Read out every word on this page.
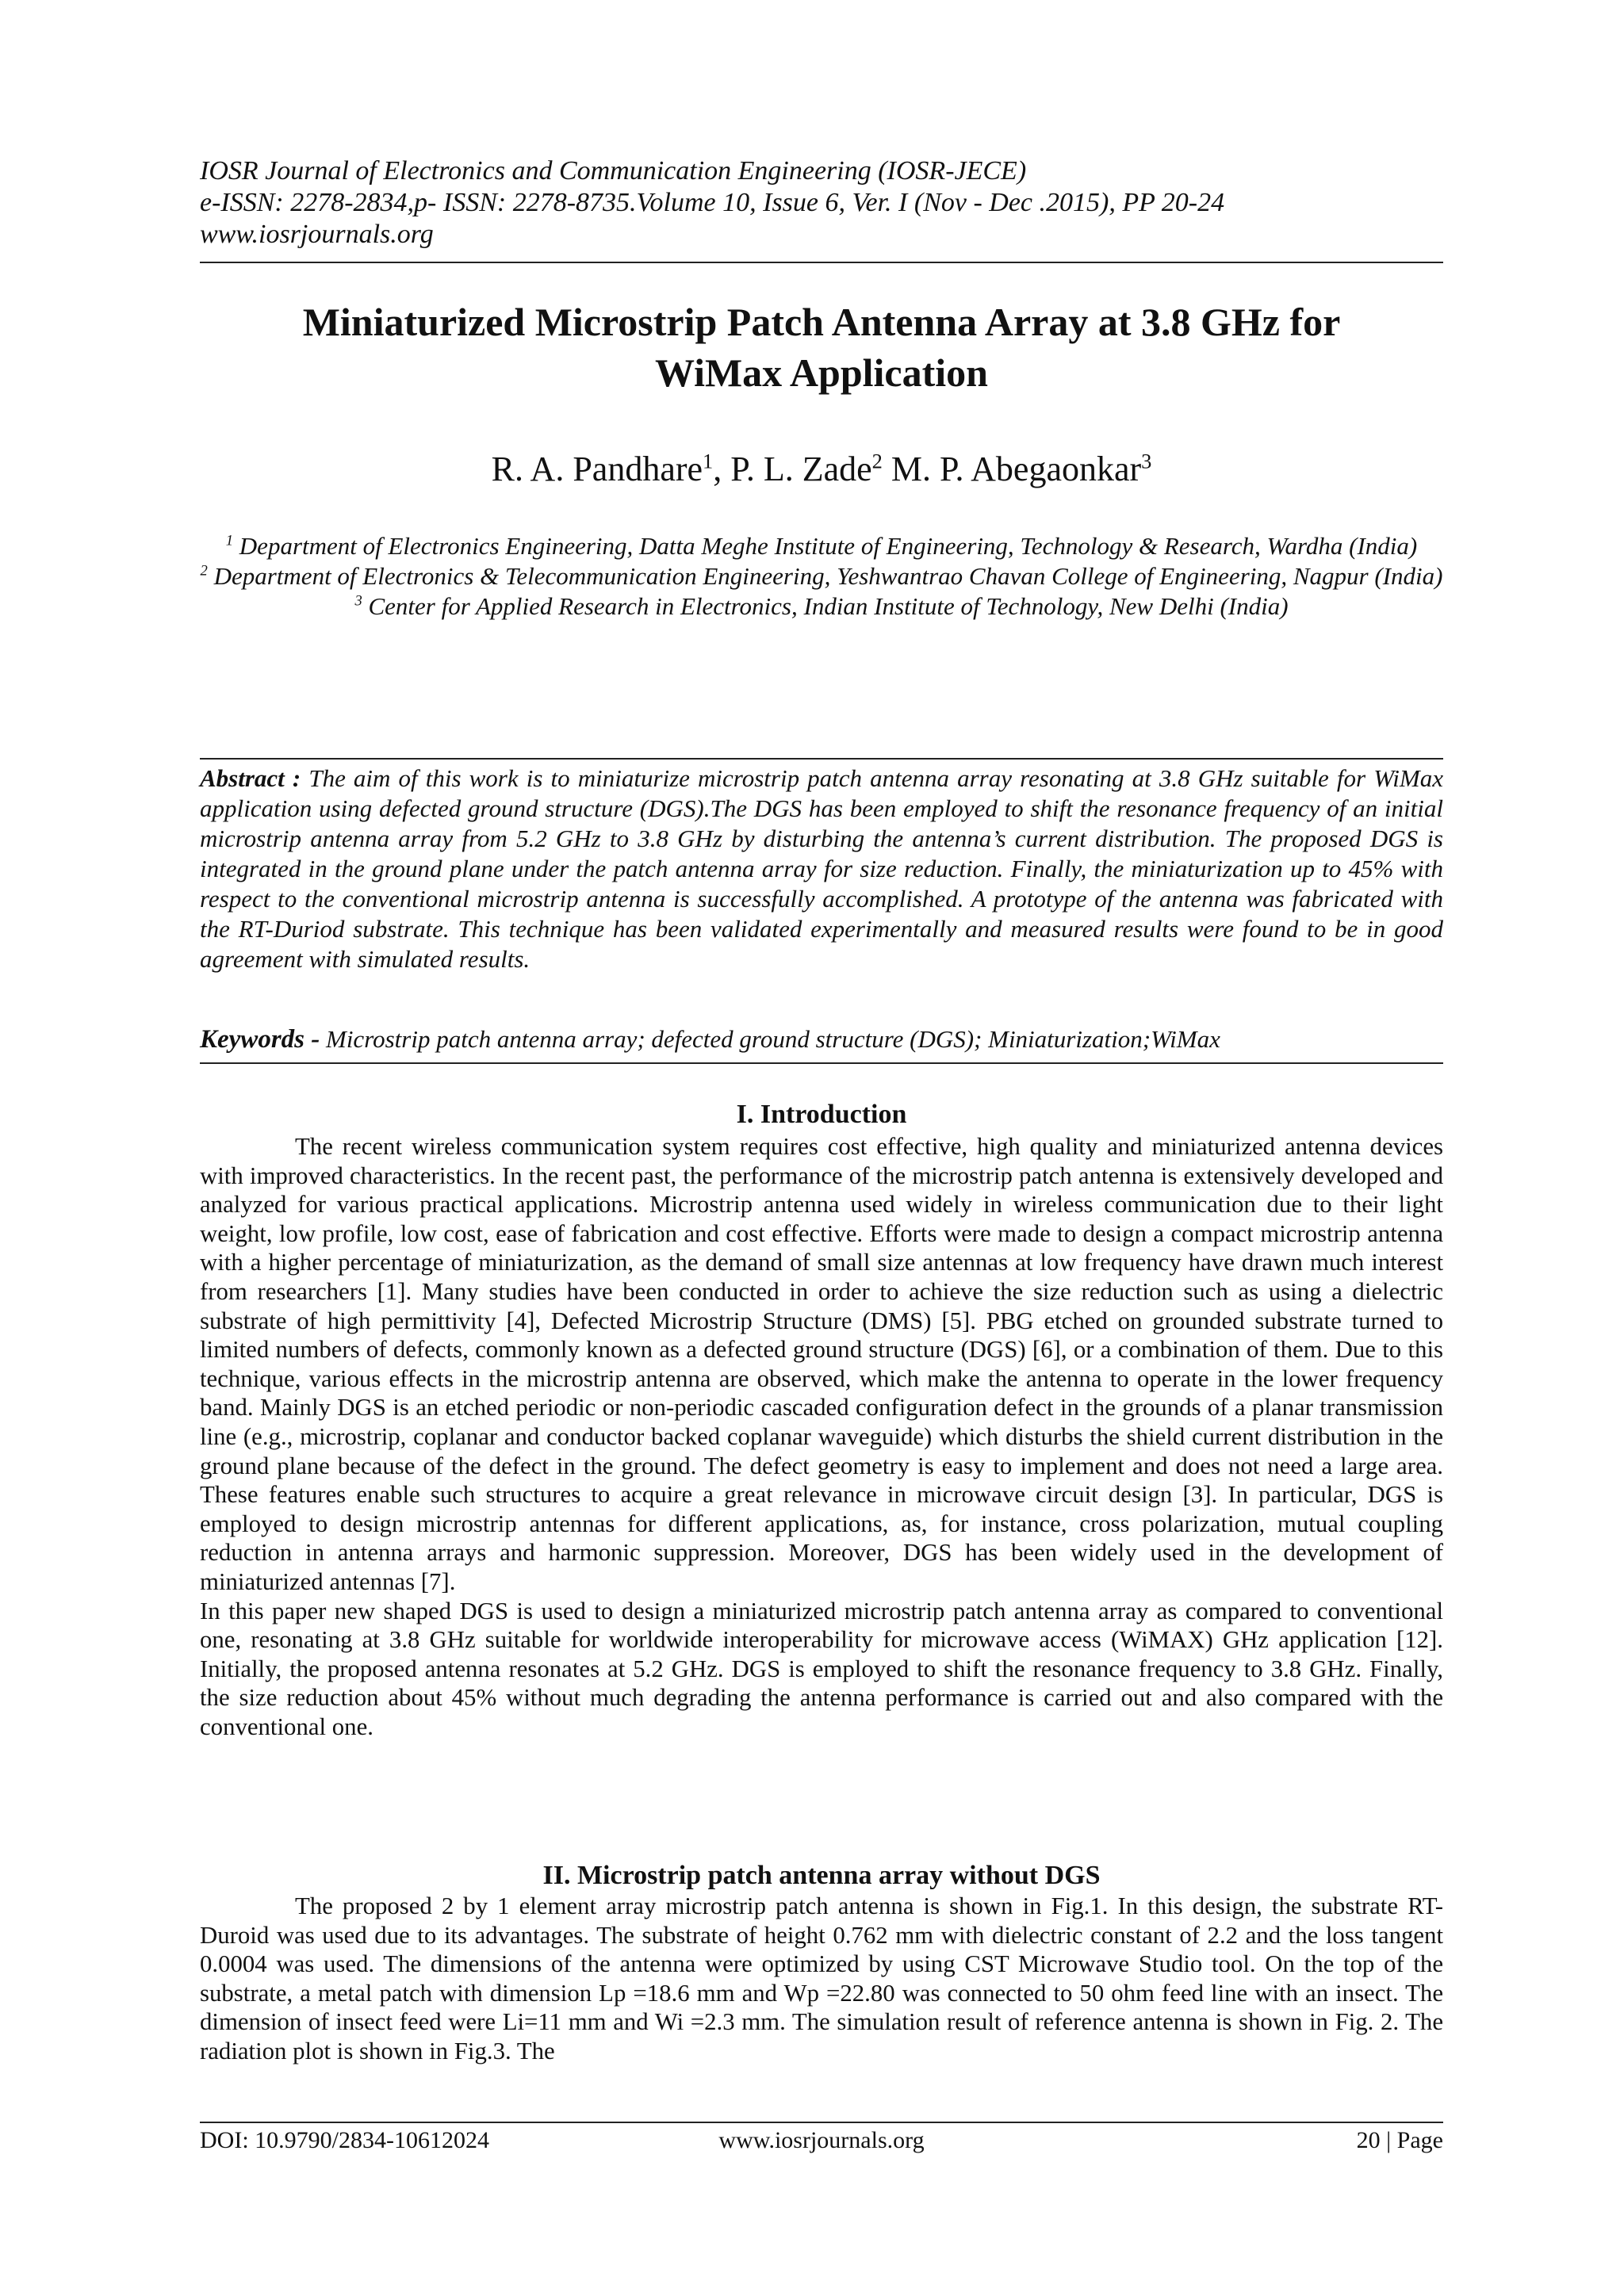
IOSR Journal of Electronics and Communication Engineering (IOSR-JECE)
e-ISSN: 2278-2834,p- ISSN: 2278-8735.Volume 10, Issue 6, Ver. I (Nov - Dec .2015), PP 20-24
www.iosrjournals.org
Miniaturized Microstrip Patch Antenna Array at 3.8 GHz for
WiMax Application
R. A. Pandhare$^1$, P. L. Zade$^2$ M. P. Abegaonkar$^3$

$^1$ Department of Electronics Engineering, Datta Meghe Institute of Engineering, Technology & Research, Wardha (India)

$^2$ Department of Electronics & Telecommunication Engineering, Yeshwantrao Chavan College of Engineering, Nagpur (India)

$^3$ Center for Applied Research in Electronics, Indian Institute of Technology, New Delhi (India)

Abstract : The aim of this work is to miniaturize microstrip patch antenna array resonating at 3.8 GHz suitable for WiMax application using defected ground structure (DGS).The DGS has been employed to shift the resonance frequency of an initial microstrip antenna array from 5.2 GHz to 3.8 GHz by disturbing the antenna’s current distribution. The proposed DGS is integrated in the ground plane under the patch antenna array for size reduction. Finally, the miniaturization up to 45% with respect to the conventional microstrip antenna is successfully accomplished. A prototype of the antenna was fabricated with the RT-Duriod substrate. This technique has been validated experimentally and measured results were found to be in good agreement with simulated results.

Keywords - Microstrip patch antenna array; defected ground structure (DGS); Miniaturization;WiMax
I. Introduction

The recent wireless communication system requires cost effective, high quality and miniaturized antenna devices with improved characteristics. In the recent past, the performance of the microstrip patch antenna is extensively developed and analyzed for various practical applications. Microstrip antenna used widely in wireless communication due to their light weight, low profile, low cost, ease of fabrication and cost effective. Efforts were made to design a compact microstrip antenna with a higher percentage of miniaturization, as the demand of small size antennas at low frequency have drawn much interest from researchers [1]. Many studies have been conducted in order to achieve the size reduction such as using a dielectric substrate of high permittivity [4], Defected Microstrip Structure (DMS) [5]. PBG etched on grounded substrate turned to limited numbers of defects, commonly known as a defected ground structure (DGS) [6], or a combination of them. Due to this technique, various effects in the microstrip antenna are observed, which make the antenna to operate in the lower frequency band. Mainly DGS is an etched periodic or non-periodic cascaded configuration defect in the grounds of a planar transmission line (e.g., microstrip, coplanar and conductor backed coplanar waveguide) which disturbs the shield current distribution in the ground plane because of the defect in the ground. The defect geometry is easy to implement and does not need a large area. These features enable such structures to acquire a great relevance in microwave circuit design [3]. In particular, DGS is employed to design microstrip antennas for different applications, as, for instance, cross polarization, mutual coupling reduction in antenna arrays and harmonic suppression. Moreover, DGS has been widely used in the development of miniaturized antennas [7].

In this paper new shaped DGS is used to design a miniaturized microstrip patch antenna array as compared to conventional one, resonating at 3.8 GHz suitable for worldwide interoperability for microwave access (WiMAX) GHz application [12]. Initially, the proposed antenna resonates at 5.2 GHz. DGS is employed to shift the resonance frequency to 3.8 GHz. Finally, the size reduction about 45% without much degrading the antenna performance is carried out and also compared with the conventional one.

II. Microstrip patch antenna array without DGS

The proposed 2 by 1 element array microstrip patch antenna is shown in Fig.1. In this design, the substrate RT-Duroid was used due to its advantages. The substrate of height 0.762 mm with dielectric constant of 2.2 and the loss tangent 0.0004 was used. The dimensions of the antenna were optimized by using CST Microwave Studio tool. On the top of the substrate, a metal patch with dimension Lp =18.6 mm and Wp =22.80 was connected to 50 ohm feed line with an insect. The dimension of insect feed were Li=11 mm and Wi =2.3 mm. The simulation result of reference antenna is shown in Fig. 2. The radiation plot is shown in Fig.3. The

DOI: 10.9790/2834-10612024	www.iosrjournals.org	20 | Page
